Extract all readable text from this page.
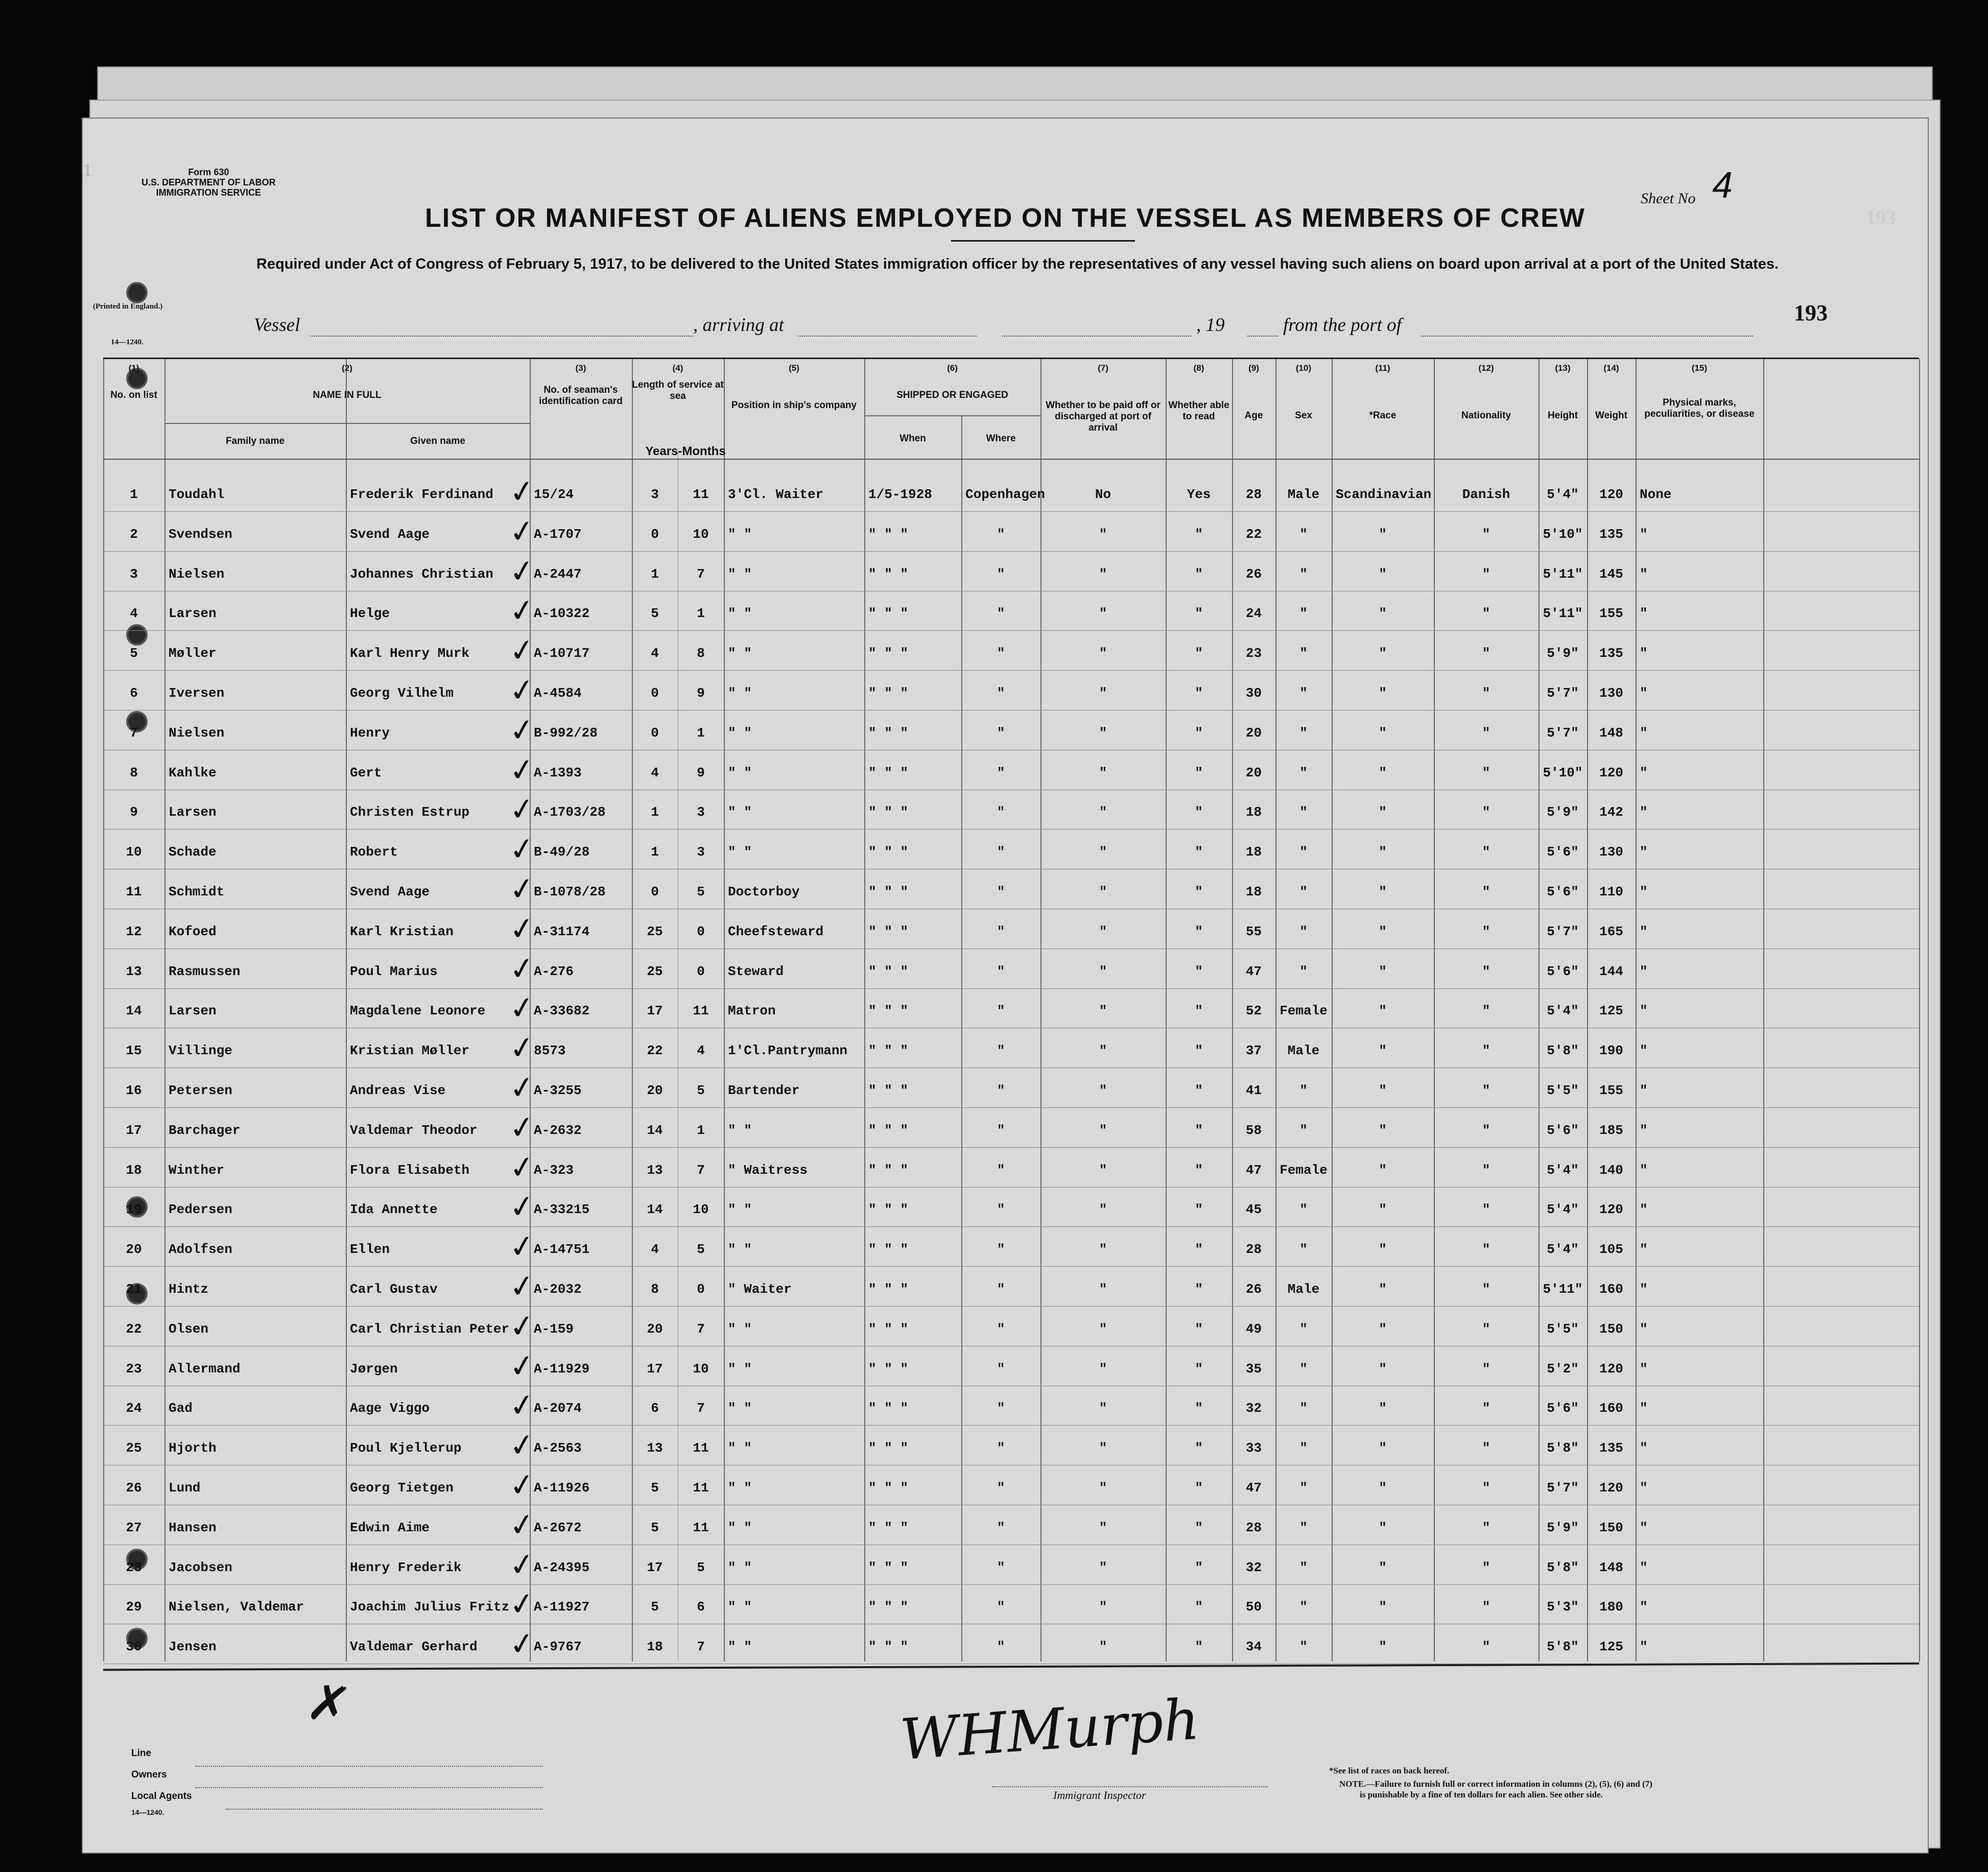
Form 630
U.S. DEPARTMENT OF LABOR
IMMIGRATION SERVICE
1
Sheet No 4
193
LIST OR MANIFEST OF ALIENS EMPLOYED ON THE VESSEL AS MEMBERS OF CREW
Required under Act of Congress of February 5, 1917, to be delivered to the United States immigration officer by the representatives of any vessel having such aliens on board upon arrival at a port of the United States.
(Printed in England.)
14—1240.
Vessel	, arriving at	, 19	from the port of	193
(1)	(2)	(3)	(4)	(5)	(6)	(7)	(8)	(9)	(10)	(11)	(12)	(13)	(14)	(15)
NAME IN FULL	SHIPPED OR ENGAGED
No. on list
Family name	Given name
No. of seaman's identification card
Length of service at sea
Position in ship's company
When	Where
Whether to be paid off or discharged at port of arrival
Whether able to read	Age	Sex	*Race	Nationality	Height	Weight
Physical marks, peculiarities, or disease
Years-Months
1	Toudahl	Frederik Ferdinand	15/24	3	11	3'Cl. Waiter	1/5-1928	Copenhagen	No	Yes	28	Male	Scandinavian	Danish	5'4"	120	None
✓
2	Svendsen	Svend Aage	A-1707	0	10	" "	" " "	"	"	"	22	"	"	"	5'10"	135	"
✓
3	Nielsen	Johannes Christian	A-2447	1	7	" "	" " "	"	"	"	26	"	"	"	5'11"	145	"
✓
4	Larsen	Helge	A-10322	5	1	" "	" " "	"	"	"	24	"	"	"	5'11"	155	"
✓
5	Møller	Karl Henry Murk	A-10717	4	8	" "	" " "	"	"	"	23	"	"	"	5'9"	135	"
✓
6	Iversen	Georg Vilhelm	A-4584	0	9	" "	" " "	"	"	"	30	"	"	"	5'7"	130	"
✓
7	Nielsen	Henry	B-992/28	0	1	" "	" " "	"	"	"	20	"	"	"	5'7"	148	"
✓
8	Kahlke	Gert	A-1393	4	9	" "	" " "	"	"	"	20	"	"	"	5'10"	120	"
✓
9	Larsen	Christen Estrup	A-1703/28	1	3	" "	" " "	"	"	"	18	"	"	"	5'9"	142	"
✓
10	Schade	Robert	B-49/28	1	3	" "	" " "	"	"	"	18	"	"	"	5'6"	130	"
✓
11	Schmidt	Svend Aage	B-1078/28	0	5	Doctorboy	" " "	"	"	"	18	"	"	"	5'6"	110	"
✓
12	Kofoed	Karl Kristian	A-31174	25	0	Cheefsteward	" " "	"	"	"	55	"	"	"	5'7"	165	"
✓
13	Rasmussen	Poul Marius	A-276	25	0	Steward	" " "	"	"	"	47	"	"	"	5'6"	144	"
✓
14	Larsen	Magdalene Leonore	A-33682	17	11	Matron	" " "	"	"	"	52	Female	"	"	5'4"	125	"
✓
15	Villinge	Kristian Møller	8573	22	4	1'Cl.Pantrymann	" " "	"	"	"	37	Male	"	"	5'8"	190	"
✓
16	Petersen	Andreas Vise	A-3255	20	5	Bartender	" " "	"	"	"	41	"	"	"	5'5"	155	"
✓
17	Barchager	Valdemar Theodor	A-2632	14	1	" "	" " "	"	"	"	58	"	"	"	5'6"	185	"
✓
18	Winther	Flora Elisabeth	A-323	13	7	" Waitress	" " "	"	"	"	47	Female	"	"	5'4"	140	"
✓
19	Pedersen	Ida Annette	A-33215	14	10	" "	" " "	"	"	"	45	"	"	"	5'4"	120	"
✓
20	Adolfsen	Ellen	A-14751	4	5	" "	" " "	"	"	"	28	"	"	"	5'4"	105	"
✓
21	Hintz	Carl Gustav	A-2032	8	0	" Waiter	" " "	"	"	"	26	Male	"	"	5'11"	160	"
✓
22	Olsen	Carl Christian Peter	A-159	20	7	" "	" " "	"	"	"	49	"	"	"	5'5"	150	"
✓
23	Allermand	Jørgen	A-11929	17	10	" "	" " "	"	"	"	35	"	"	"	5'2"	120	"
✓
24	Gad	Aage Viggo	A-2074	6	7	" "	" " "	"	"	"	32	"	"	"	5'6"	160	"
✓
25	Hjorth	Poul Kjellerup	A-2563	13	11	" "	" " "	"	"	"	33	"	"	"	5'8"	135	"
✓
26	Lund	Georg Tietgen	A-11926	5	11	" "	" " "	"	"	"	47	"	"	"	5'7"	120	"
✓
27	Hansen	Edwin Aime	A-2672	5	11	" "	" " "	"	"	"	28	"	"	"	5'9"	150	"
✓
28	Jacobsen	Henry Frederik	A-24395	17	5	" "	" " "	"	"	"	32	"	"	"	5'8"	148	"
✓
29	Nielsen, Valdemar	Joachim Julius Fritz	A-11927	5	6	" "	" " "	"	"	"	50	"	"	"	5'3"	180	"
✓
30	Jensen	Valdemar Gerhard	A-9767	18	7	" "	" " "	"	"	"	34	"	"	"	5'8"	125	"
✓
✗
Line
Owners
Local Agents
14—1240.
WHMurph
Immigrant Inspector
*See list of races on back hereof.
NOTE.—Failure to furnish full or correct information in columns (2), (5), (6) and (7)
is punishable by a fine of ten dollars for each alien. See other side.
